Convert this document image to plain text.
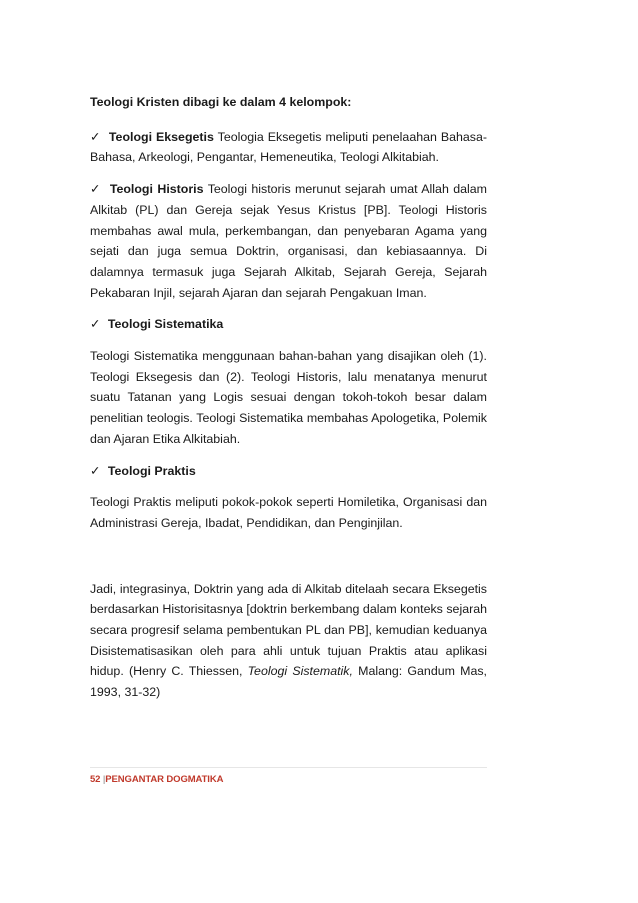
Teologi Kristen dibagi ke dalam 4 kelompok:
✓ Teologi Eksegetis Teologia Eksegetis meliputi penelaahan Bahasa-Bahasa, Arkeologi, Pengantar, Hemeneutika, Teologi Alkitabiah.
✓ Teologi Historis Teologi historis merunut sejarah umat Allah dalam Alkitab (PL) dan Gereja sejak Yesus Kristus [PB]. Teologi Historis membahas awal mula, perkembangan, dan penyebaran Agama yang sejati dan juga semua Doktrin, organisasi, dan kebiasaannya. Di dalamnya termasuk juga Sejarah Alkitab, Sejarah Gereja, Sejarah Pekabaran Injil, sejarah Ajaran dan sejarah Pengakuan Iman.
✓ Teologi Sistematika
Teologi Sistematika menggunaan bahan-bahan yang disajikan oleh (1). Teologi Eksegesis dan (2). Teologi Historis, lalu menatanya menurut suatu Tatanan yang Logis sesuai dengan tokoh-tokoh besar dalam penelitian teologis. Teologi Sistematika membahas Apologetika, Polemik dan Ajaran Etika Alkitabiah.
✓ Teologi Praktis
Teologi Praktis meliputi pokok-pokok seperti Homiletika, Organisasi dan Administrasi Gereja, Ibadat, Pendidikan, dan Penginjilan.
Jadi, integrasinya, Doktrin yang ada di Alkitab ditelaah secara Eksegetis berdasarkan Historisitasnya [doktrin berkembang dalam konteks sejarah secara progresif selama pembentukan PL dan PB], kemudian keduanya Disistematisasikan oleh para ahli untuk tujuan Praktis atau aplikasi hidup. (Henry C. Thiessen, Teologi Sistematik, Malang: Gandum Mas, 1993, 31-32)
52 |PENGANTAR DOGMATIKA
